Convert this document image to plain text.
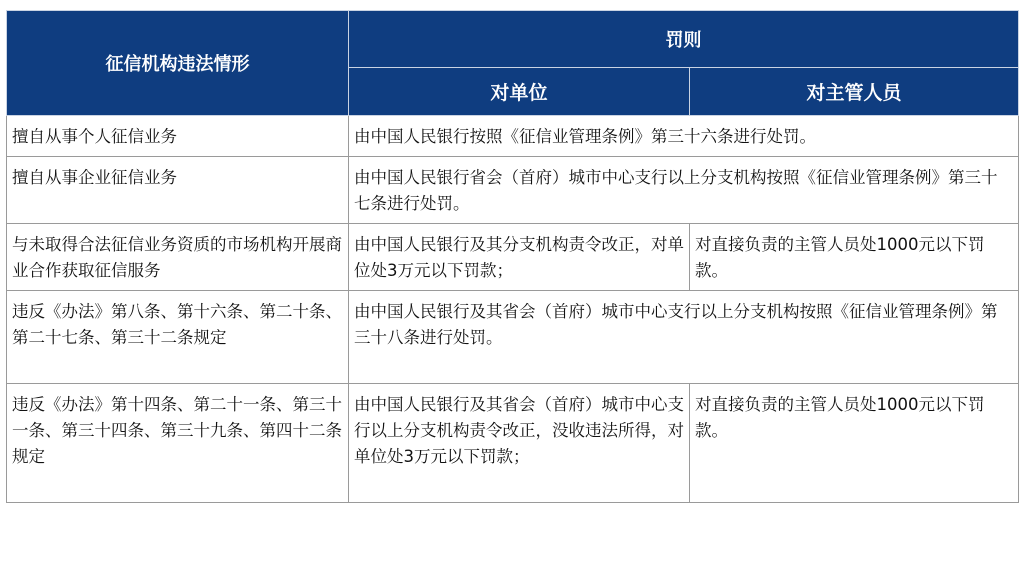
征信机构违法情形	罚则	
	对单位	对主管人员
擅自从事个人征信业务	由中国人民银行按照《征信业管理条例》第三十六条进行处罚。	
擅自从事企业征信业务	由中国人民银行省会（首府）城市中心支行以上分支机构按照《征信业管理条例》第三十七条进行处罚。	
与未取得合法征信业务资质的市场机构开展商业合作获取征信服务	由中国人民银行及其分支机构责令改正，对单位处3万元以下罚款；	对直接负责的主管人员处1000元以下罚款。
违反《办法》第八条、第十六条、第二十条、第二十七条、第三十二条规定	由中国人民银行及其省会（首府）城市中心支行以上分支机构按照《征信业管理条例》第三十八条进行处罚。	
违反《办法》第十四条、第二十一条、第三十一条、第三十四条、第三十九条、第四十二条规定	由中国人民银行及其省会（首府）城市中心支行以上分支机构责令改正，没收违法所得，对单位处3万元以下罚款；	对直接负责的主管人员处1000元以下罚款。
